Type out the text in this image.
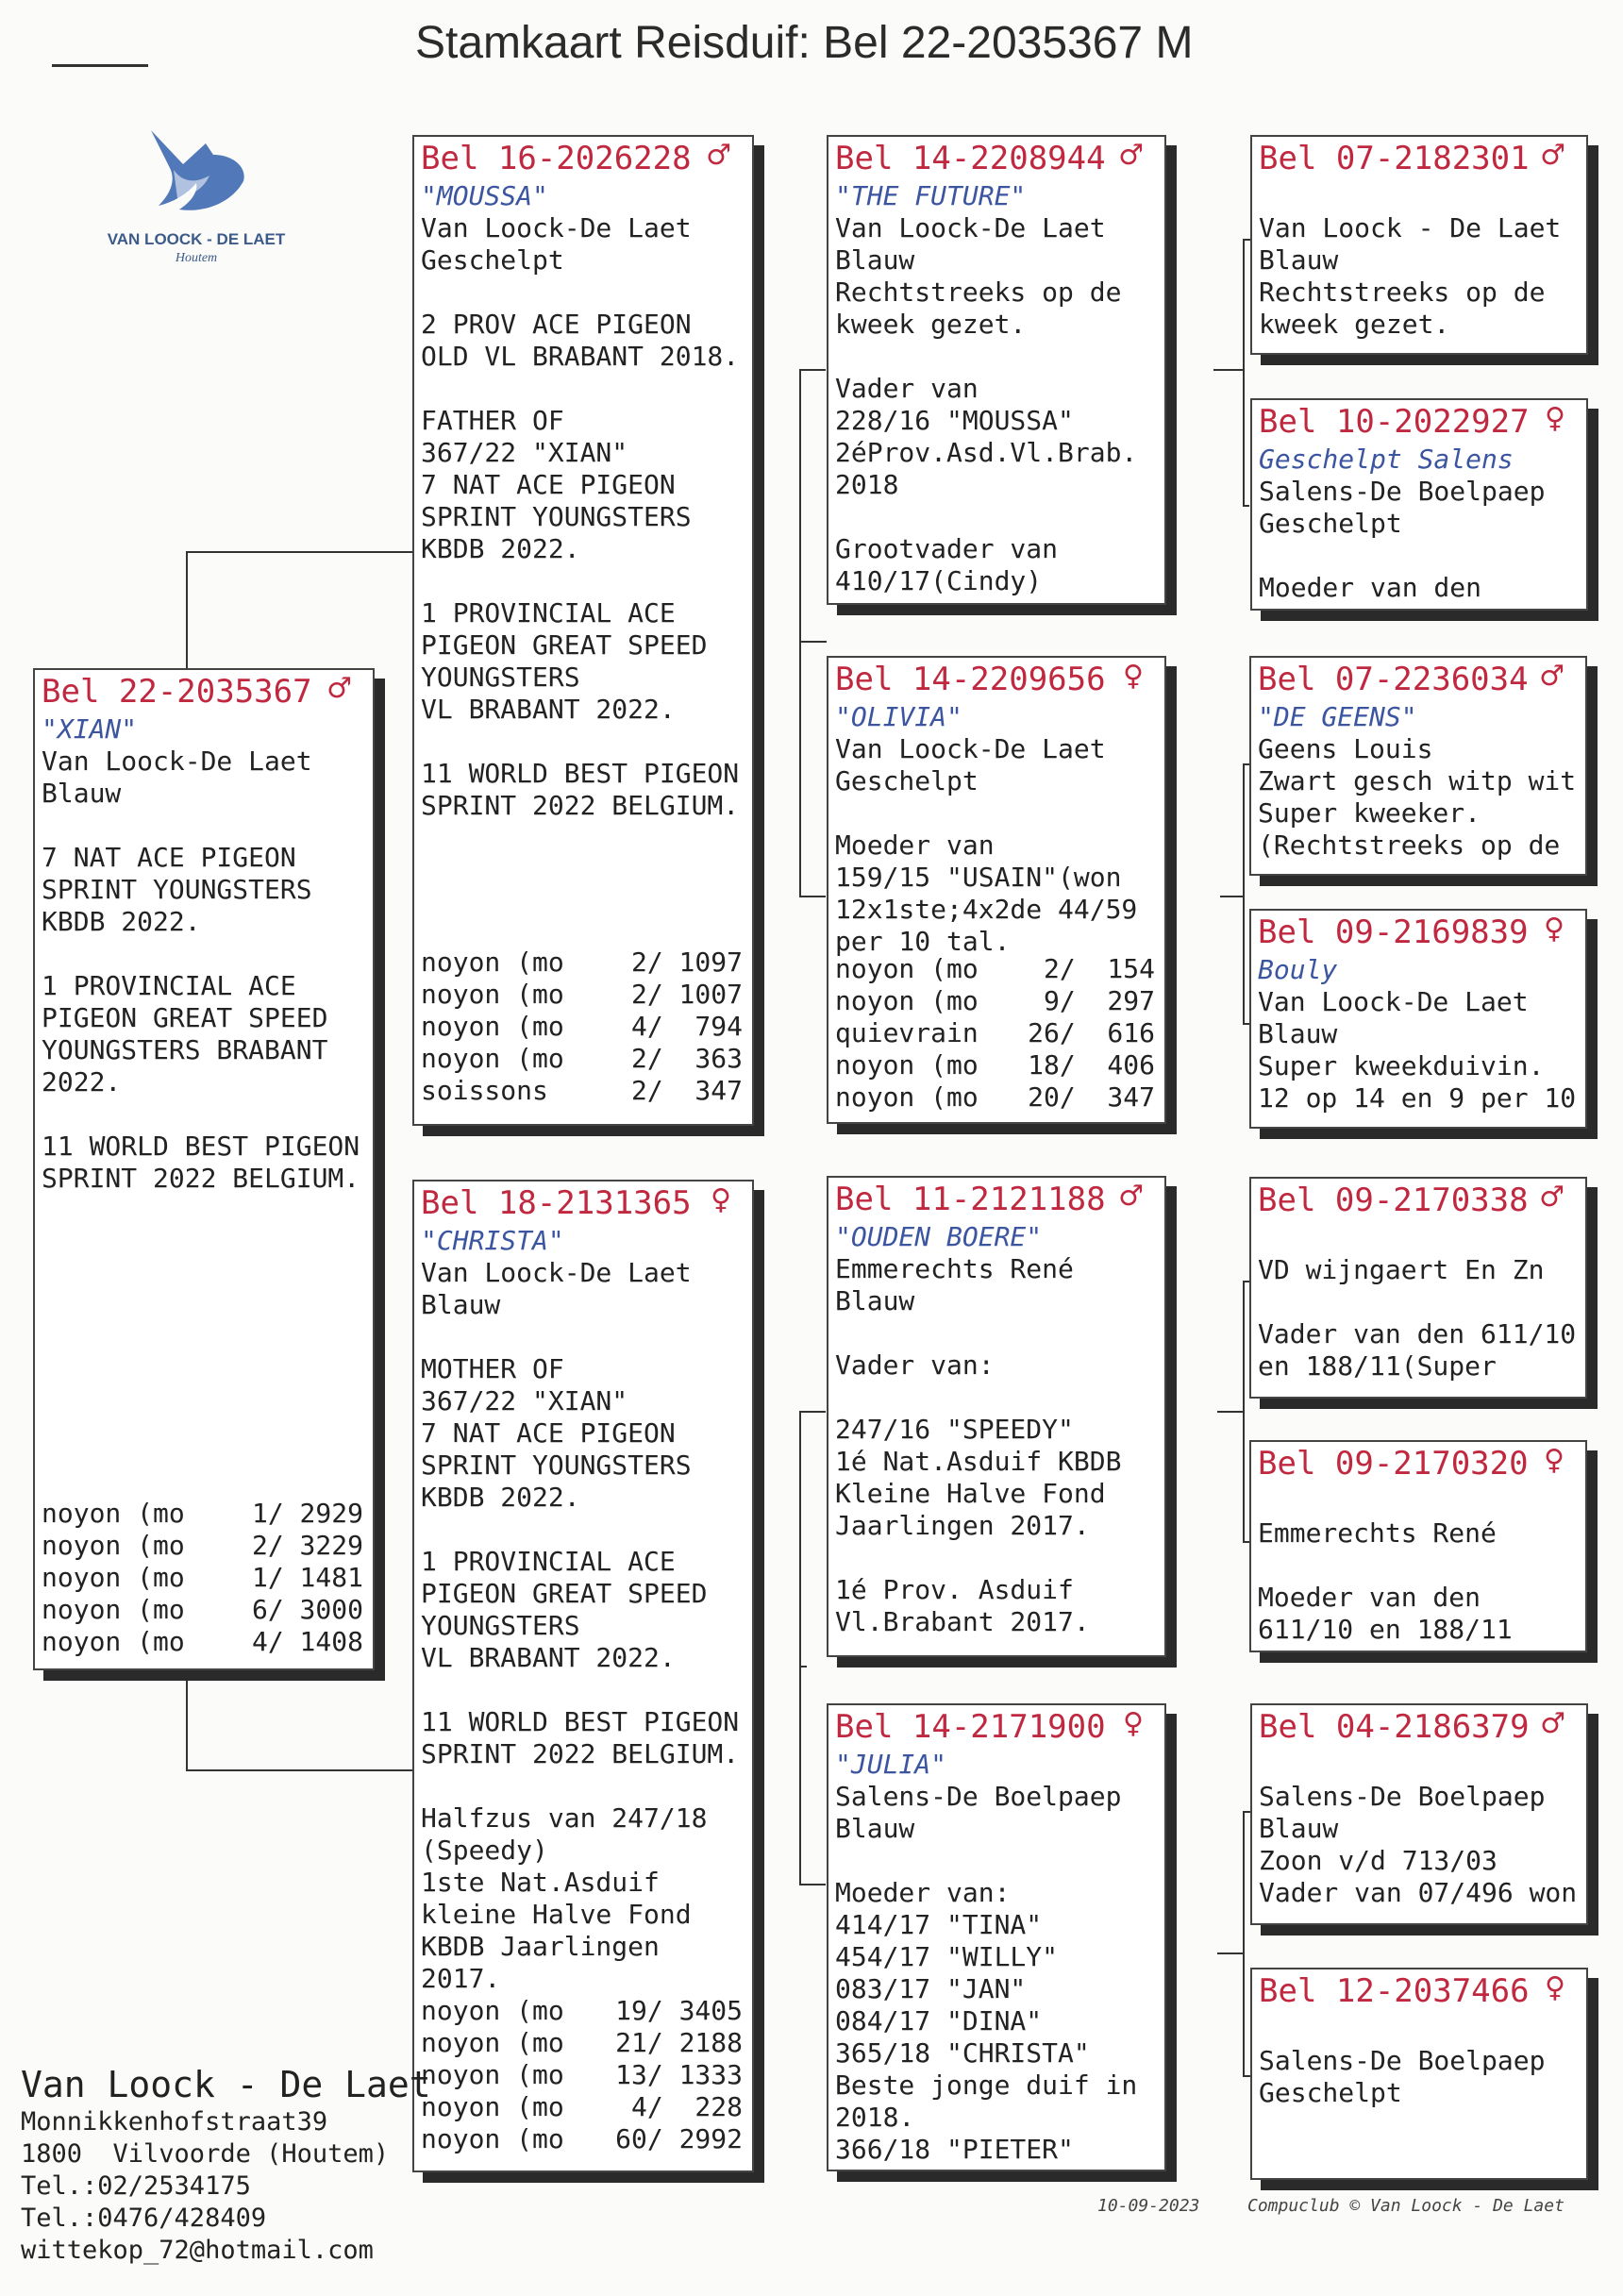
Stamkaart Reisduif: Bel 22-2035367 M
VAN LOOCK - DE LAET
Houtem
Bel 22-2035367 ♂
"XIAN"
Van Loock-De Laet
Blauw
7 NAT ACE PIGEON
SPRINT YOUNGSTERS
KBDB 2022.
1 PROVINCIAL ACE
PIGEON GREAT SPEED
YOUNGSTERS BRABANT
2022.
11 WORLD BEST PIGEON
SPRINT 2022 BELGIUM.
noyon (mo	1/ 2929
noyon (mo	2/ 3229
noyon (mo	1/ 1481
noyon (mo	6/ 3000
noyon (mo	4/ 1408
Bel 16-2026228 ♂
"MOUSSA"
Van Loock-De Laet
Geschelpt
2 PROV ACE PIGEON
OLD VL BRABANT 2018.
FATHER OF
367/22 "XIAN"
7 NAT ACE PIGEON
SPRINT YOUNGSTERS
KBDB 2022.
1 PROVINCIAL ACE
PIGEON GREAT SPEED
YOUNGSTERS
VL BRABANT 2022.
11 WORLD BEST PIGEON
SPRINT 2022 BELGIUM.
noyon (mo	2/ 1097
noyon (mo	2/ 1007
noyon (mo	4/  794
noyon (mo	2/  363
soissons	2/  347
Bel 18-2131365 ♀
"CHRISTA"
Van Loock-De Laet
Blauw
MOTHER OF
367/22 "XIAN"
7 NAT ACE PIGEON
SPRINT YOUNGSTERS
KBDB 2022.
1 PROVINCIAL ACE
PIGEON GREAT SPEED
YOUNGSTERS
VL BRABANT 2022.
11 WORLD BEST PIGEON
SPRINT 2022 BELGIUM.
Halfzus van 247/18
(Speedy)
1ste Nat.Asduif
kleine Halve Fond
KBDB Jaarlingen
2017.
noyon (mo 19/ 3405
noyon (mo 21/ 2188
noyon (mo 13/ 1333
noyon (mo 4/  228
noyon (mo 60/ 2992
Bel 14-2208944 ♂
"THE FUTURE"
Van Loock-De Laet
Blauw
Rechtstreeks op de
kweek gezet.
Vader van
228/16 "MOUSSA"
2éProv.Asd.Vl.Brab.
2018
Grootvader van
410/17(Cindy)
Bel 14-2209656 ♀
"OLIVIA"
Van Loock-De Laet
Geschelpt
Moeder van
159/15 "USAIN"(won
12x1ste;4x2de 44/59
per 10 tal.
noyon (mo 2/  154
noyon (mo 9/  297
quievrain 26/  616
noyon (mo 18/  406
noyon (mo 20/  347
Bel 11-2121188 ♂
"OUDEN BOERE"
Emmerechts René
Blauw
Vader van:
247/16 "SPEEDY"
1é Nat.Asduif KBDB
Kleine Halve Fond
Jaarlingen 2017.
1é Prov. Asduif
Vl.Brabant 2017.
Bel 14-2171900 ♀
"JULIA"
Salens-De Boelpaep
Blauw
Moeder van:
414/17 "TINA"
454/17 "WILLY"
083/17 "JAN"
084/17 "DINA"
365/18 "CHRISTA"
Beste jonge duif in
2018.
366/18 "PIETER"
Bel 07-2182301 ♂
Van Loock - De Laet
Blauw
Rechtstreeks op de
kweek gezet.
Bel 10-2022927 ♀
Geschelpt Salens
Salens-De Boelpaep
Geschelpt
Moeder van den
Bel 07-2236034 ♂
"DE GEENS"
Geens Louis
Zwart gesch witp wit
Super kweeker.
(Rechtstreeks op de
Bel 09-2169839 ♀
Bouly
Van Loock-De Laet
Blauw
Super kweekduivin.
12 op 14 en 9 per 10
Bel 09-2170338 ♂
VD wijngaert En Zn
Vader van den 611/10
en 188/11(Super
Bel 09-2170320 ♀
Emmerechts René
Moeder van den
611/10 en 188/11
Bel 04-2186379 ♂
Salens-De Boelpaep
Blauw
Zoon v/d 713/03
Vader van 07/496 won
Bel 12-2037466 ♀
Salens-De Boelpaep
Geschelpt

Van Loock - De Laet
Monnikkenhofstraat39
1800  Vilvoorde (Houtem)
Tel.:02/2534175
Tel.:0476/428409
wittekop_72@hotmail.com

10-09-2023	Compuclub © Van Loock - De Laet
